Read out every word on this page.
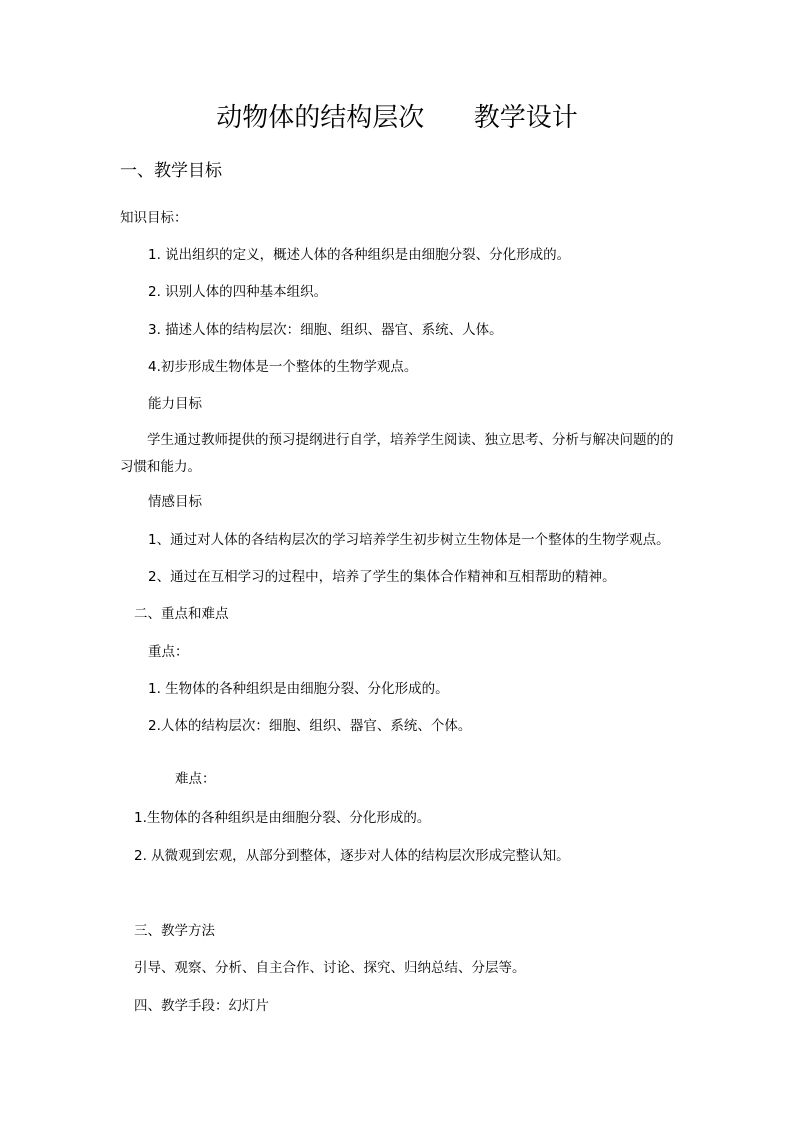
动物体的结构层次      教学设计
一、教学目标
知识目标：
1. 说出组织的定义，概述人体的各种组织是由细胞分裂、分化形成的。
2. 识别人体的四种基本组织。
3. 描述人体的结构层次：细胞、组织、器官、系统、人体。
4.初步形成生物体是一个整体的生物学观点。
能力目标
学生通过教师提供的预习提纲进行自学，培养学生阅读、独立思考、分析与解决问题的的习惯和能力。
情感目标
1、通过对人体的各结构层次的学习培养学生初步树立生物体是一个整体的生物学观点。
2、通过在互相学习的过程中，培养了学生的集体合作精神和互相帮助的精神。
二、重点和难点
重点：
1. 生物体的各种组织是由细胞分裂、分化形成的。
2.人体的结构层次：细胞、组织、器官、系统、个体。
难点：
1.生物体的各种组织是由细胞分裂、分化形成的。
2. 从微观到宏观，从部分到整体，逐步对人体的结构层次形成完整认知。
三、教学方法
引导、观察、分析、自主合作、讨论、探究、归纳总结、分层等。
四、教学手段：幻灯片
